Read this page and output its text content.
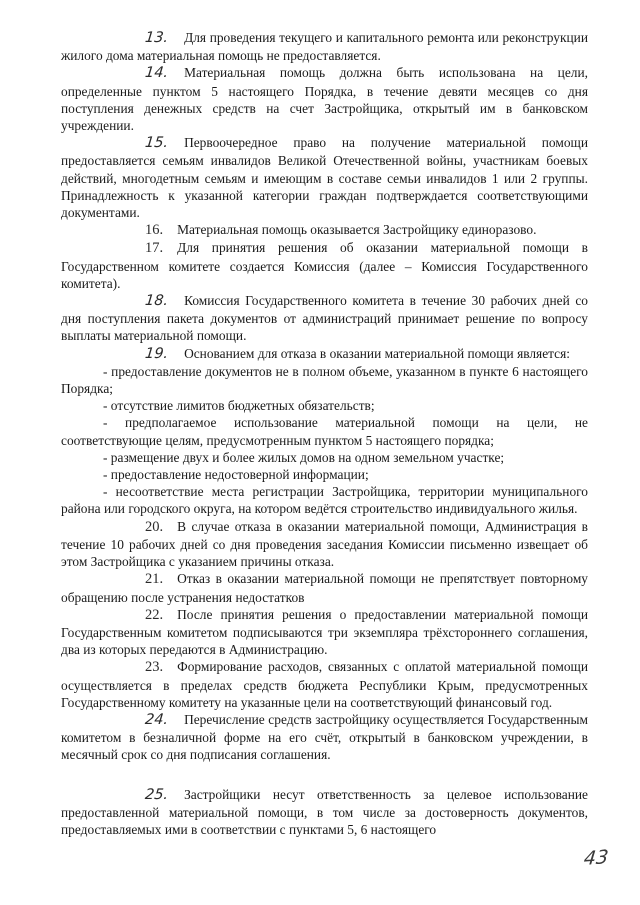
13. Для проведения текущего и капитального ремонта или реконструкции жилого дома материальная помощь не предоставляется.

14. Материальная помощь должна быть использована на цели, определенные пунктом 5 настоящего Порядка, в течение девяти месяцев со дня поступления денежных средств на счет Застройщика, открытый им в банковском учреждении.

15. Первоочередное право на получение материальной помощи предоставляется семьям инвалидов Великой Отечественной войны, участникам боевых действий, многодетным семьям и имеющим в составе семьи инвалидов 1 или 2 группы. Принадлежность к указанной категории граждан подтверждается соответствующими документами.

16. Материальная помощь оказывается Застройщику единоразово.

17. Для принятия решения об оказании материальной помощи в Государственном комитете создается Комиссия (далее – Комиссия Государственного комитета).

18. Комиссия Государственного комитета в течение 30 рабочих дней со дня поступления пакета документов от администраций принимает решение по вопросу выплаты материальной помощи.

19. Основанием для отказа в оказании материальной помощи является:

- предоставление документов не в полном объеме, указанном в пункте 6 настоящего Порядка;

- отсутствие лимитов бюджетных обязательств;

- предполагаемое использование материальной помощи на цели, не соответствующие целям, предусмотренным пунктом 5 настоящего порядка;

- размещение двух и более жилых домов на одном земельном участке;

- предоставление недостоверной информации;

- несоответствие места регистрации Застройщика, территории муниципального района или городского округа, на котором ведётся строительство индивидуального жилья.

20. В случае отказа в оказании материальной помощи, Администрация в течение 10 рабочих дней со дня проведения заседания Комиссии письменно извещает об этом Застройщика с указанием причины отказа.

21. Отказ в оказании материальной помощи не препятствует повторному обращению после устранения недостатков

22. После принятия решения о предоставлении материальной помощи Государственным комитетом подписываются три экземпляра трёхстороннего соглашения, два из которых передаются в Администрацию.

23. Формирование расходов, связанных с оплатой материальной помощи осуществляется в пределах средств бюджета Республики Крым, предусмотренных Государственному комитету на указанные цели на соответствующий финансовый год.

24. Перечисление средств застройщику осуществляется Государственным комитетом в безналичной форме на его счёт, открытый в банковском учреждении, в месячный срок со дня подписания соглашения.

25. Застройщики несут ответственность за целевое использование предоставленной материальной помощи, в том числе за достоверность документов, предоставляемых ими в соответствии с пунктами 5, 6 настоящего

43
